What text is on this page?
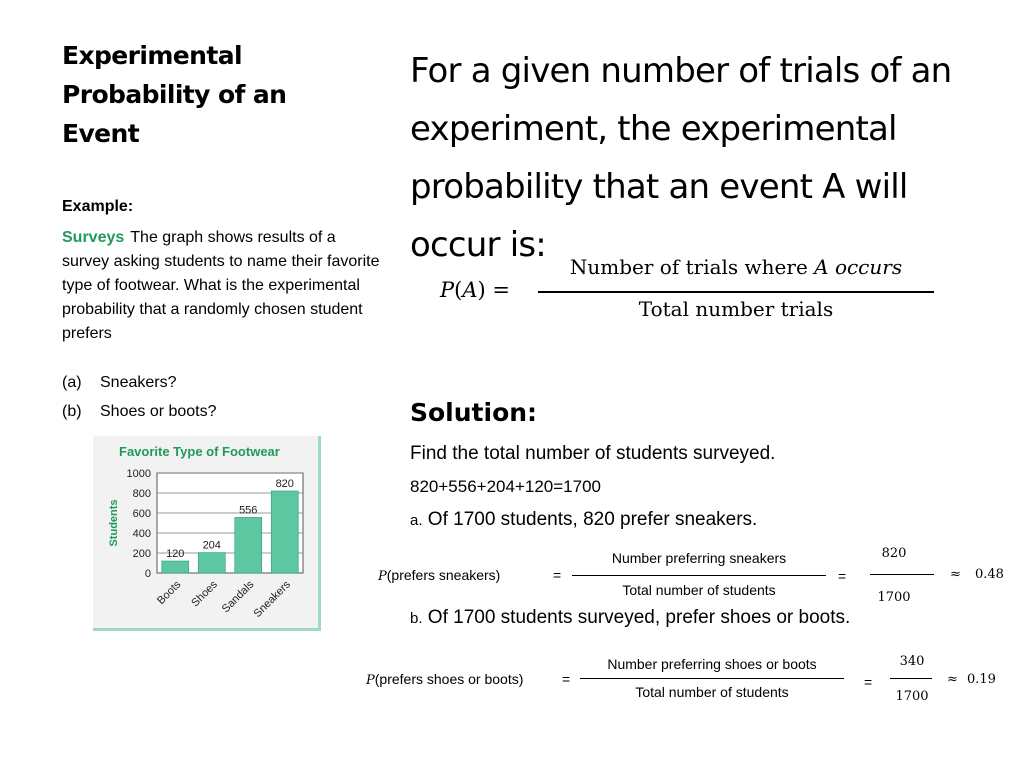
Experimental Probability of an Event
Example:
Surveys The graph shows results of a survey asking students to name their favorite type of footwear. What is the experimental probability that a randomly chosen student prefers
(a) Sneakers?
(b) Shoes or boots?
Favorite Type of Footwear
0
200
400
600
800
1000
Students
120
Boots
204
Shoes
556
Sandals
820
Sneakers
For a given number of trials of an experiment, the experimental probability that an event A will occur is:
P(A) =
Number of trials where A occurs
Total number trials
Solution:
Find the total number of students surveyed.
820+556+204+120=1700
a. Of 1700 students, 820 prefer sneakers.
P(prefers sneakers)	=
Number preferring sneakers
Total number of students
=
820
1700
≈ 0.48
b. Of 1700 students surveyed, prefer shoes or boots.
P(prefers shoes or boots)	=
Number preferring shoes or boots
Total number of students
=
340
1700
≈ 0.19
